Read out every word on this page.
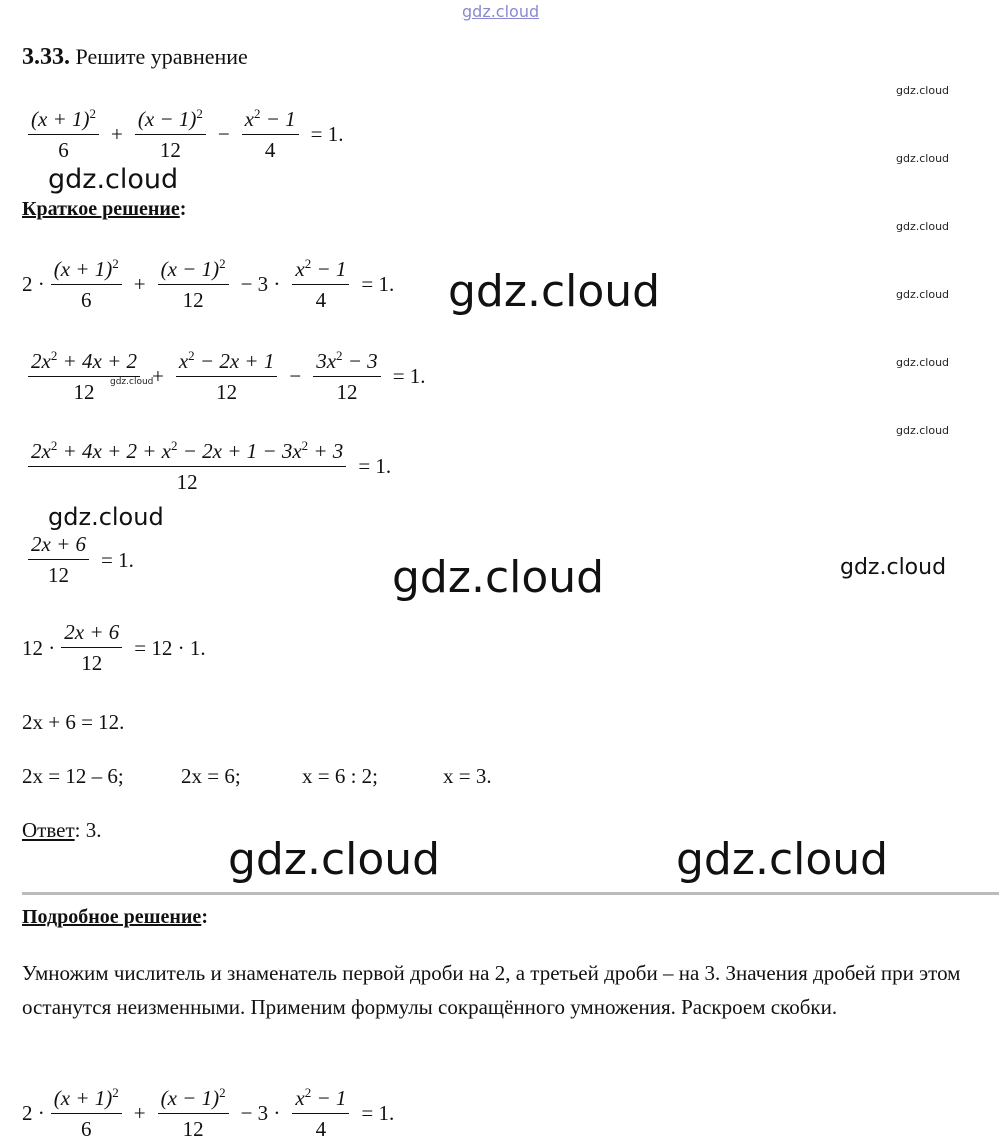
gdz.cloud
3.33. Решите уравнение
$\frac{(x + 1)^2}{6} + \frac{(x - 1)^2}{12} - \frac{x^2 - 1}{4} = 1$.
gdz.cloud
Краткое решение:
$2 \cdot \frac{(x + 1)^2}{6} + \frac{(x - 1)^2}{12} - 3 \cdot \frac{x^2 - 1}{4} = 1$.
$\frac{2x^2 + 4x + 2}{12} + \frac{x^2 - 2x + 1}{12} - \frac{3x^2 - 3}{12} = 1$.
$\frac{2x^2 + 4x + 2 + x^2 - 2x + 1 - 3x^2 + 3}{12} = 1$.
gdz.cloud
$\frac{2x + 6}{12} = 1$.
$12 \cdot \frac{2x + 6}{12} = 12 \cdot 1$.
2x + 6 = 12.
2x = 12 – 6;	2x = 6;	x = 6 : 2;	x = 3.
Ответ: 3.
Подробное решение:
Умножим числитель и знаменатель первой дроби на 2, а третьей дроби – на 3. Значения дробей при этом останутся неизменными. Применим формулы сокращённого умножения. Раскроем скобки.
$2 \cdot \frac{(x + 1)^2}{6} + \frac{(x - 1)^2}{12} - 3 \cdot \frac{x^2 - 1}{4} = 1$.
gdz.cloud
gdz.cloud
gdz.cloud	gdz.cloud
gdz.cloud
gdz.cloud
gdz.cloud
gdz.cloud
gdz.cloud
gdz.cloud
gdz.cloud
gdz.cloud
